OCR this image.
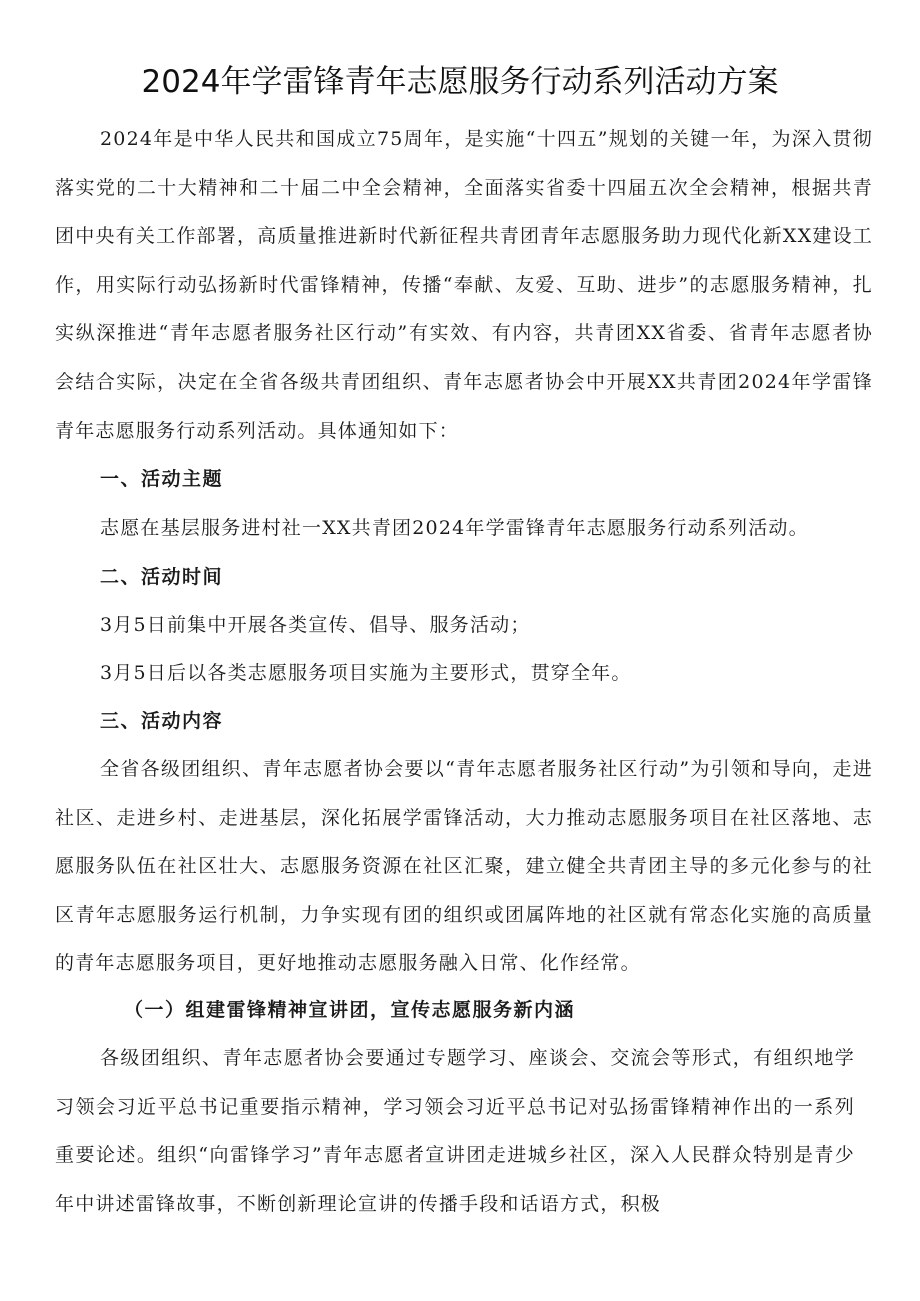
2024年学雷锋青年志愿服务行动系列活动方案

2024年是中华人民共和国成立75周年，是实施“十四五”规划的关键一年，为深入贯彻落实党的二十大精神和二十届二中全会精神，全面落实省委十四届五次全会精神，根据共青团中央有关工作部署，高质量推进新时代新征程共青团青年志愿服务助力现代化新XX建设工作，用实际行动弘扬新时代雷锋精神，传播“奉献、友爱、互助、进步”的志愿服务精神，扎实纵深推进“青年志愿者服务社区行动”有实效、有内容，共青团XX省委、省青年志愿者协会结合实际，决定在全省各级共青团组织、青年志愿者协会中开展XX共青团2024年学雷锋青年志愿服务行动系列活动。具体通知如下：

一、活动主题

志愿在基层服务进村社一XX共青团2024年学雷锋青年志愿服务行动系列活动。

二、活动时间

3月5日前集中开展各类宣传、倡导、服务活动；

3月5日后以各类志愿服务项目实施为主要形式，贯穿全年。

三、活动内容

全省各级团组织、青年志愿者协会要以“青年志愿者服务社区行动”为引领和导向，走进社区、走进乡村、走进基层，深化拓展学雷锋活动，大力推动志愿服务项目在社区落地、志愿服务队伍在社区壮大、志愿服务资源在社区汇聚，建立健全共青团主导的多元化参与的社区青年志愿服务运行机制，力争实现有团的组织或团属阵地的社区就有常态化实施的高质量的青年志愿服务项目，更好地推动志愿服务融入日常、化作经常。

（一）组建雷锋精神宣讲团，宣传志愿服务新内涵

各级团组织、青年志愿者协会要通过专题学习、座谈会、交流会等形式，有组织地学习领会习近平总书记重要指示精神，学习领会习近平总书记对弘扬雷锋精神作出的一系列重要论述。组织“向雷锋学习”青年志愿者宣讲团走进城乡社区，深入人民群众特别是青少年中讲述雷锋故事，不断创新理论宣讲的传播手段和话语方式，积极
